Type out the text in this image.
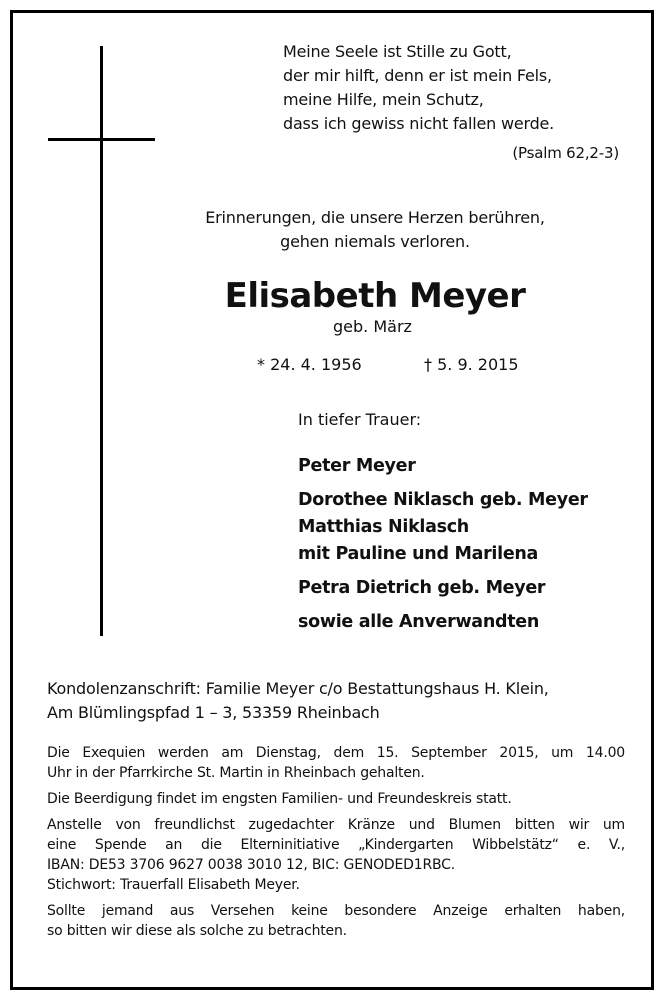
Meine Seele ist Stille zu Gott,
der mir hilft, denn er ist mein Fels,
meine Hilfe, mein Schutz,
dass ich gewiss nicht fallen werde.
(Psalm 62,2-3)
Erinnerungen, die unsere Herzen berühren,
gehen niemals verloren.
Elisabeth Meyer
geb. März
* 24. 4. 1956	† 5. 9. 2015
In tiefer Trauer:
Peter Meyer
Dorothee Niklasch geb. Meyer
Matthias Niklasch
mit Pauline und Marilena
Petra Dietrich geb. Meyer
sowie alle Anverwandten
Kondolenzanschrift: Familie Meyer c/o Bestattungshaus H. Klein,
Am Blümlingspfad 1 – 3, 53359 Rheinbach

Die Exequien werden am Dienstag, dem 15. September 2015, um 14.00
Uhr in der Pfarrkirche St. Martin in Rheinbach gehalten.

Die Beerdigung findet im engsten Familien- und Freundeskreis statt.

Anstelle von freundlichst zugedachter Kränze und Blumen bitten wir um
eine Spende an die Elterninitiative „Kindergarten Wibbelstätz“ e. V.,
IBAN: DE53 3706 9627 0038 3010 12, BIC: GENODED1RBC.
Stichwort: Trauerfall Elisabeth Meyer.

Sollte jemand aus Versehen keine besondere Anzeige erhalten haben,
so bitten wir diese als solche zu betrachten.
